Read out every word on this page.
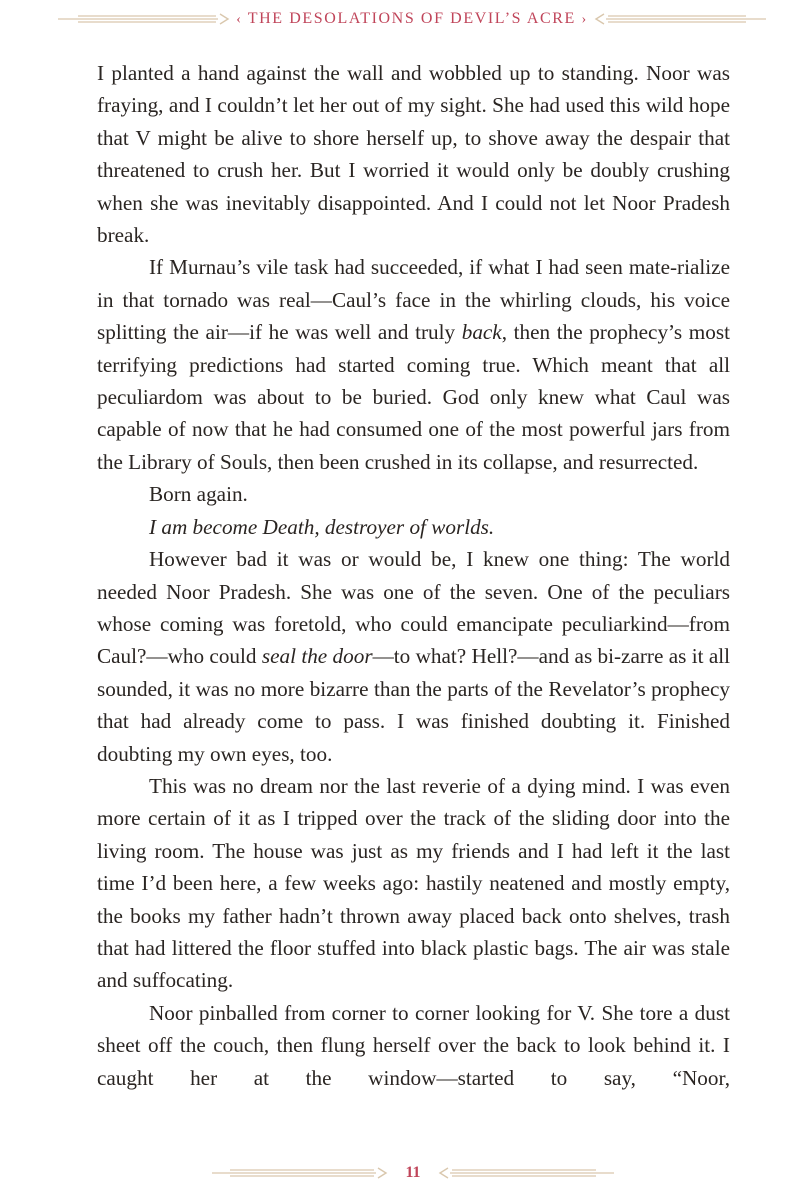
‹ THE DESOLATIONS OF DEVIL’S ACRE ›

I planted a hand against the wall and wobbled up to standing. Noor was fraying, and I couldn’t let her out of my sight. She had used this wild hope that V might be alive to shore herself up, to shove away the despair that threatened to crush her. But I worried it would only be doubly crushing when she was inevitably disappointed. And I could not let Noor Pradesh break.

If Murnau’s vile task had succeeded, if what I had seen mate-rialize in that tornado was real—Caul’s face in the whirling clouds, his voice splitting the air—if he was well and truly back, then the prophecy’s most terrifying predictions had started coming true. Which meant that all peculiardom was about to be buried. God only knew what Caul was capable of now that he had consumed one of the most powerful jars from the Library of Souls, then been crushed in its collapse, and resurrected.

Born again.

I am become Death, destroyer of worlds.

However bad it was or would be, I knew one thing: The world needed Noor Pradesh. She was one of the seven. One of the peculiars whose coming was foretold, who could emancipate peculiarkind—from Caul?—who could seal the door—to what? Hell?—and as bi-zarre as it all sounded, it was no more bizarre than the parts of the Revelator’s prophecy that had already come to pass. I was finished doubting it. Finished doubting my own eyes, too.

This was no dream nor the last reverie of a dying mind. I was even more certain of it as I tripped over the track of the sliding door into the living room. The house was just as my friends and I had left it the last time I’d been here, a few weeks ago: hastily neatened and mostly empty, the books my father hadn’t thrown away placed back onto shelves, trash that had littered the floor stuffed into black plastic bags. The air was stale and suffocating.

Noor pinballed from corner to corner looking for V. She tore a dust sheet off the couch, then flung herself over the back to look behind it. I caught her at the window—started to say, “Noor,

11
